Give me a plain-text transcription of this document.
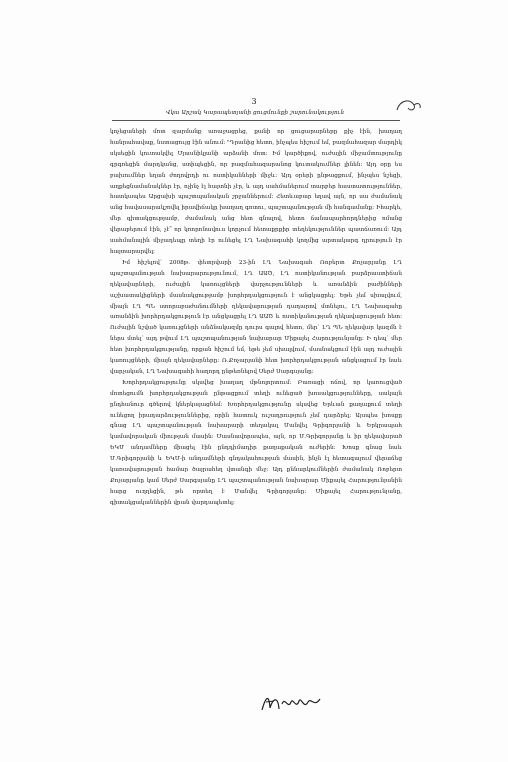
3
Վկա Արշակ Կարապետյանի ցուցմունքի շարունակություն

կոչեցաների մոտ զարմանք առաջացրեց, քանի որ ցուցարարները քիչ էին, խաղաղ հանրահավաք, նստացույց էին անում: "Դրանից հետո, ինչպես հիշում եմ, բազմահազար մարդիկ սկսեցին կուտակվել Մյասնիկյանի արձանի մոտ: Իմ կարծիքով, ուժային միջամտությունը գրգռեցին մարդկանց, ստիպեցին, որ բազմահազարանոց կուտակումներ լինեն: Այդ օրը ես բախումներ եղան ժողովրդի ու ոստիկանների միջև: Այդ օրերի ընթացքում, ինչպես նշեցի, աղքեցնամանակներ էր, ոչինչ էլ հայտնի չէր, և այդ սահմաներում տարբեր հաստատություններ, հատկապես Արցախի պաշտպանական շրջաններում: Հետևաբար եղավ այն, որ սա ժամանակ անց հավասարակշռվել իրավիճակը խաղաղ գոտու, պաշտպանության մի հանգամանք: Իհարկե, մեր գիտակցությամբ, ժամանակ անց հետ գնալով, հետո ճանապարհորդներից ոմանց վերաբերում էին, չէ՞ որ կոորոնավուս կորչում հետաքրքիր տեղեկություններ պատճառում: Այդ սահմանային միջադեպը տեղի էր ունեցել ԼՂ Նախագահի կողմից արտակարգ դրություն էր հայտարարվել:

Իմ հիշելով՝ 2008թ. փետրվարի 23-ին ԼՂ Նախագահ Ռոբերտ Քոչարյանը ԼՂ պաշտպանության նախարարությունում, ԼՂ ԱԱԾ, ԼՂ ոստիկանության բարձրաստիճան ղեկավարների, ուժային կառույցների վարչությունների և առանձին բաժինների աշխատակիցների մասնակցությամբ խորհրդակցություն է անցկացրել: Եթե չեմ սխալվում, միայն ԼՂ ՊՆ ստորաբաժանումների ղեկավարության դադարով մտնելու, ԼՂ Նախագահը առանձին խորհրդակցություն էր անցկացրել ԼՂ ԱԱԾ և ոստիկանության ղեկավարության հետ: Ուժային նշված կառույցների անձնակազմը դուրս գալով հետո, մեր՝ ԼՂ ՊՆ ղեկավար կազմն է ներս մտել՝ այդ թվում ԼՂ պաշտպանության նախարար Միքայել Հարությունյանը: Ի դեպ՝ մեր հետ խորհրդակցությանը, որքան հիշում եմ, եթե չեմ սխալվում, մասնակցում էին այդ ուժային կառույցների, միայն ղեկավարները: Ռ.Քոչարյանի հետ խորհրդակցության անցկացում էր նաև վարչական, ԼՂ Նախագահի հաղորդ ընթեռնելով Սերժ Սարգսյանը:

Խորհրդակցությունը սկսվեց խաղաղ մթնոլորտում: Բառացի ոճով, որ կառուցված մոտեցումն խորհրդակցության ընթացքում տեղի ունեցած խոսակցությունները, սակայն ընդհանուր գծերով կներկայացնեմ: Խորհրդակցությունը սկսվեց Երևան քաղաքում տեղի ունեցող իրադարձություններից, որին հատուկ ուշադրություն չեմ դարձրել: Այսպես խոսքը գնաց ԼՂ պաշտպանության նախարարի տեղակալ Մանվել Գրիգորյանի և Երկրապահ կամավորական միության մասին: Մասնավորապես, այն, որ Մ.Գրիգորյանը և իր ղեկավարած ԵԿՄ անդամները միացել էին ընդդիմադիր քաղաքական ուժերին: Խոսք գնաց նաև Մ.Գրիգորյանի և ԵԿՄ-ի անդամների գնդակահության մասին, ինչն էլ հետագայում վերաճեց կառավարության համար ծայրահեղ վտանգի մեջ: Այդ քննարկումներին ժամանակ Ռոբերտ Քոչարյանը կամ Սերժ Սարգսյանը ԼՂ պաշտպանության նախարար Միքայել Հարությունյանին հարց ուղղեցին, թե որտեղ է Մանվել Գրիգորյանը: Միքայել Հարությունյանը, գիտակցականներին վրան վարդապետել:
